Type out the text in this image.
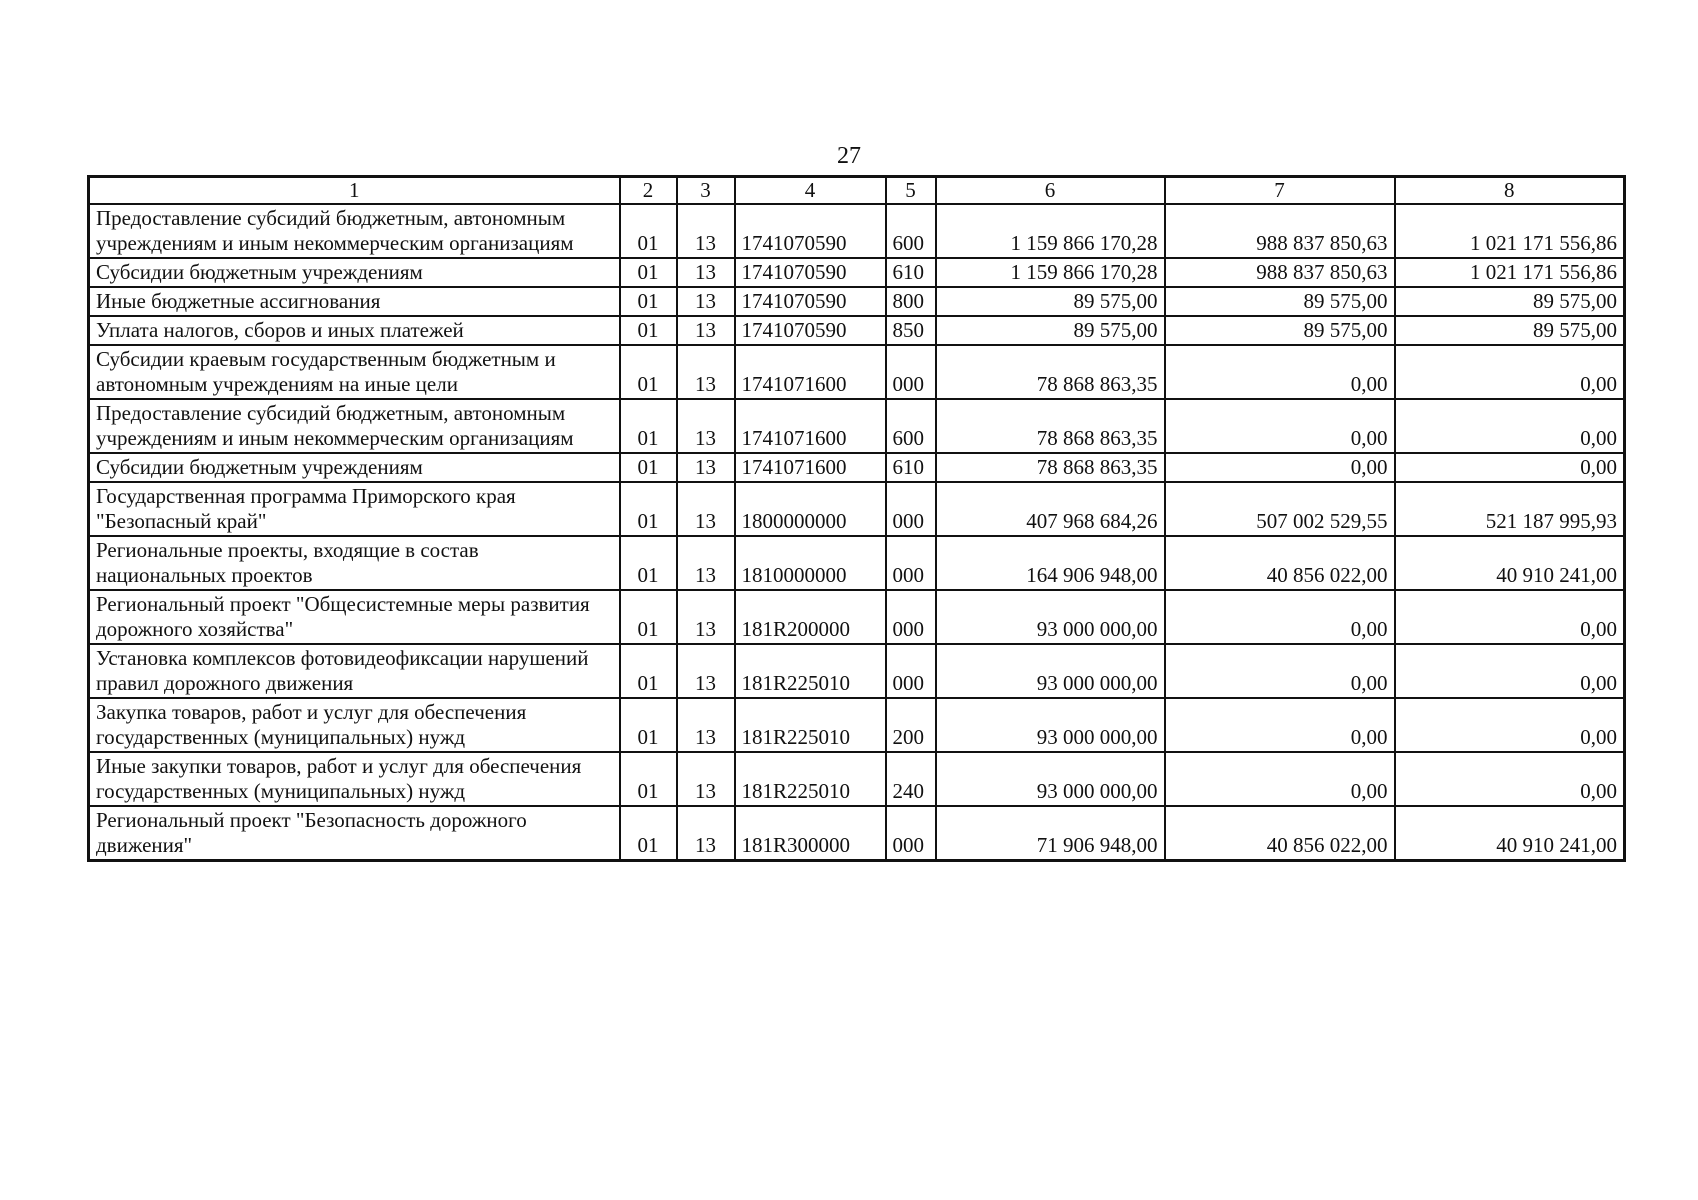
27
1	2	3	4	5	6	7	8
Предоставление субсидий бюджетным, автономным учреждениям и иным некоммерческим организациям	01	13	1741070590	600	1 159 866 170,28	988 837 850,63	1 021 171 556,86
Субсидии бюджетным учреждениям	01	13	1741070590	610	1 159 866 170,28	988 837 850,63	1 021 171 556,86
Иные бюджетные ассигнования	01	13	1741070590	800	89 575,00	89 575,00	89 575,00
Уплата налогов, сборов и иных платежей	01	13	1741070590	850	89 575,00	89 575,00	89 575,00
Субсидии краевым государственным бюджетным и автономным учреждениям на иные цели	01	13	1741071600	000	78 868 863,35	0,00	0,00
Предоставление субсидий бюджетным, автономным учреждениям и иным некоммерческим организациям	01	13	1741071600	600	78 868 863,35	0,00	0,00
Субсидии бюджетным учреждениям	01	13	1741071600	610	78 868 863,35	0,00	0,00
Государственная программа Приморского края "Безопасный край"	01	13	1800000000	000	407 968 684,26	507 002 529,55	521 187 995,93
Региональные проекты, входящие в состав национальных проектов	01	13	1810000000	000	164 906 948,00	40 856 022,00	40 910 241,00
Региональный проект "Общесистемные меры развития дорожного хозяйства"	01	13	181R200000	000	93 000 000,00	0,00	0,00
Установка комплексов фотовидеофиксации нарушений правил дорожного движения	01	13	181R225010	000	93 000 000,00	0,00	0,00
Закупка товаров, работ и услуг для обеспечения государственных (муниципальных) нужд	01	13	181R225010	200	93 000 000,00	0,00	0,00
Иные закупки товаров, работ и услуг для обеспечения государственных (муниципальных) нужд	01	13	181R225010	240	93 000 000,00	0,00	0,00
Региональный проект "Безопасность дорожного движения"	01	13	181R300000	000	71 906 948,00	40 856 022,00	40 910 241,00
